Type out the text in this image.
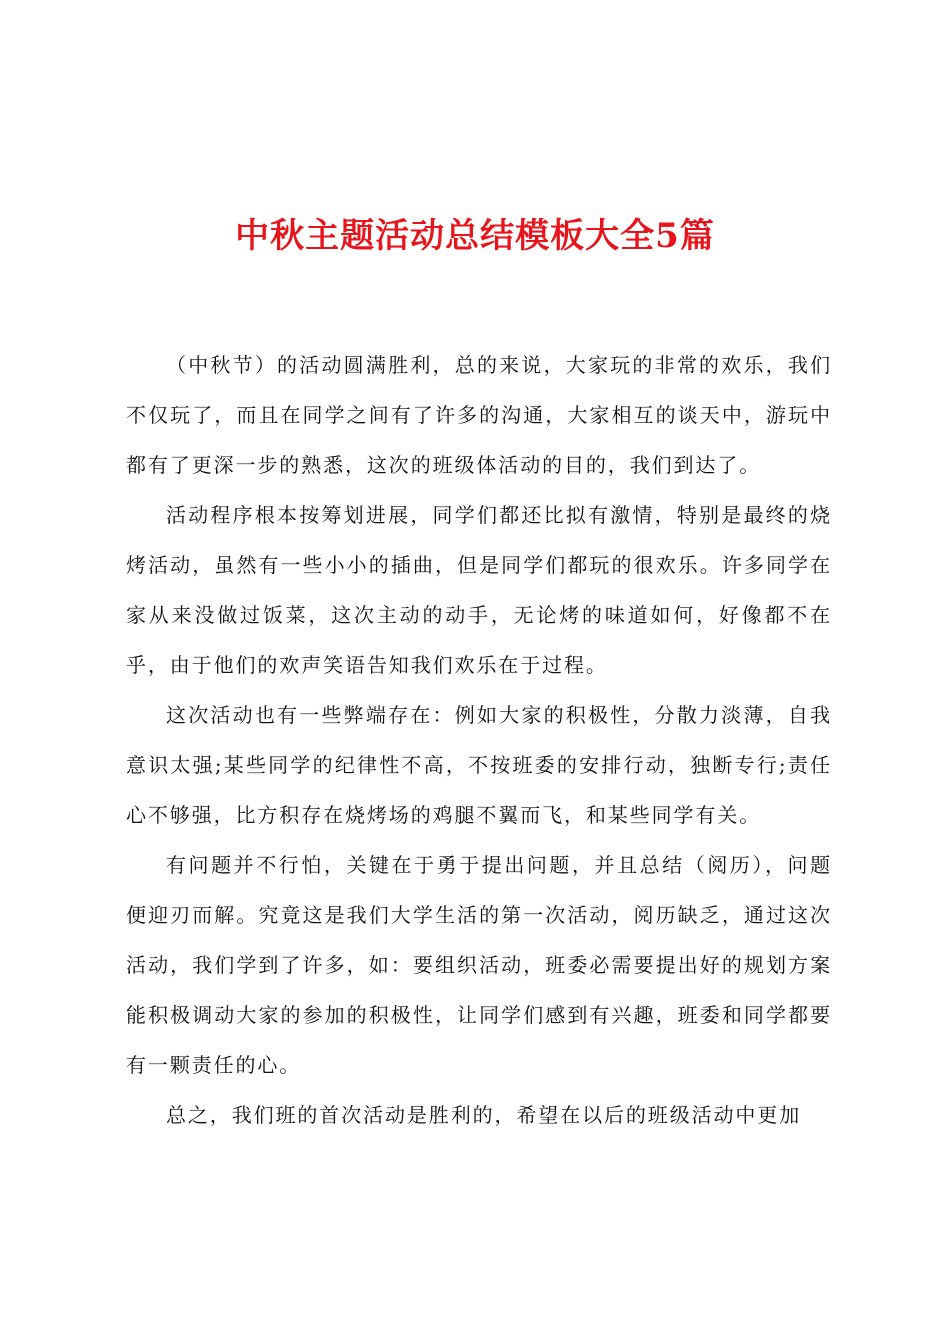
中秋主题活动总结模板大全5篇

（中秋节）的活动圆满胜利，总的来说，大家玩的非常的欢乐，我们不仅玩了，而且在同学之间有了许多的沟通，大家相互的谈天中，游玩中都有了更深一步的熟悉，这次的班级体活动的目的，我们到达了。

活动程序根本按筹划进展，同学们都还比拟有激情，特别是最终的烧烤活动，虽然有一些小小的插曲，但是同学们都玩的很欢乐。许多同学在家从来没做过饭菜，这次主动的动手，无论烤的味道如何，好像都不在乎，由于他们的欢声笑语告知我们欢乐在于过程。

这次活动也有一些弊端存在：例如大家的积极性，分散力淡薄，自我意识太强;某些同学的纪律性不高，不按班委的安排行动，独断专行;责任心不够强，比方积存在烧烤场的鸡腿不翼而飞，和某些同学有关。

有问题并不行怕，关键在于勇于提出问题，并且总结（阅历），问题便迎刃而解。究竟这是我们大学生活的第一次活动，阅历缺乏，通过这次活动，我们学到了许多，如：要组织活动，班委必需要提出好的规划方案能积极调动大家的参加的积极性，让同学们感到有兴趣，班委和同学都要有一颗责任的心。

总之，我们班的首次活动是胜利的，希望在以后的班级活动中更加
